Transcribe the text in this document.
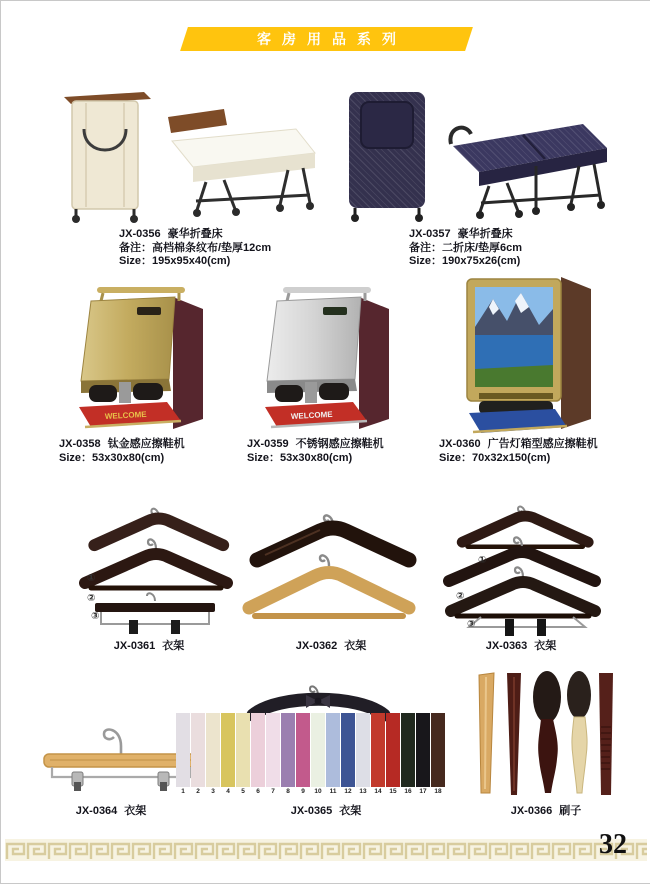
客房用品系列
JX-0356 豪华折叠床
备注：高档棉条纹布/垫厚12cm
Size：195x95x40(cm)
JX-0357 豪华折叠床
备注：二折床/垫厚6cm
Size：190x75x26(cm)
WELCOME
JX-0358 钛金感应擦鞋机
Size：53x30x80(cm)
WELCOME
JX-0359 不锈钢感应擦鞋机
Size：53x30x80(cm)
JX-0360 广告灯箱型感应擦鞋机
Size：70x32x150(cm)
①
②
③
JX-0361 衣架	JX-0362 衣架
①
②
③
JX-0363 衣架
JX-0364 衣架
1 2 3 4 5 6 7 8 9 10 11 12 13 14 15 16 17 18
JX-0365 衣架	JX-0366 刷子
32
